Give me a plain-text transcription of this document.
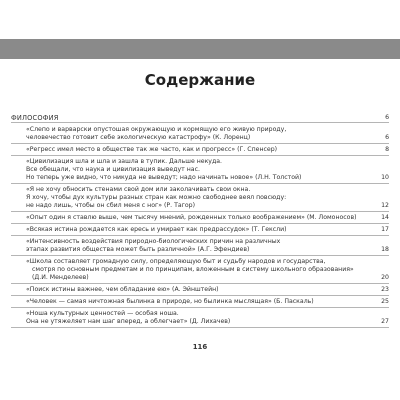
Содержание
ФИЛОСОФИЯ	6
«Слепо и варварски опустошая окружающую и кормящую его живую природу,
человечество готовит себе экологическую катастрофу» (К. Лоренц)	6
«Регресс имел место в обществе так же часто, как и прогресс» (Г. Спенсер)	8
«Цивилизация шла и шла и зашла в тупик. Дальше некуда.
Все обещали, что наука и цивилизация выведут нас.
Но теперь уже видно, что никуда не выведут; надо начинать новое» (Л.Н. Толстой)	10
«Я не хочу обносить стенами свой дом или заколачивать свои окна.
Я хочу, чтобы дух культуры разных стран как можно свободнее веял повсюду:
не надо лишь, чтобы он сбил меня с ног» (Р. Тагор)	12
«Опыт один я ставлю выше, чем тысячу мнений, рожденных только воображением» (М. Ломоносов)	14
«Всякая истина рождается как ересь и умирает как предрассудок» (Т. Гексли)	17
«Интенсивность воздействия природно-биологических причин на различных
этапах развития общества может быть различной» (А.Г. Эфендиев)	18
«Школа составляет громадную силу, определяющую быт и судьбу народов и государства,
смотря по основным предметам и по принципам, вложенным в систему школьного образования»
(Д.И. Менделеев)	20
«Поиск истины важнее, чем обладание ею» (А. Эйнштейн)	23
«Человек — самая ничтожная былинка в природе, но былинка мыслящая» (Б. Паскаль)	25
«Ноша культурных ценностей — особая ноша.
Она не утяжеляет нам шаг вперед, а облегчает» (Д. Лихачев)	27
116
